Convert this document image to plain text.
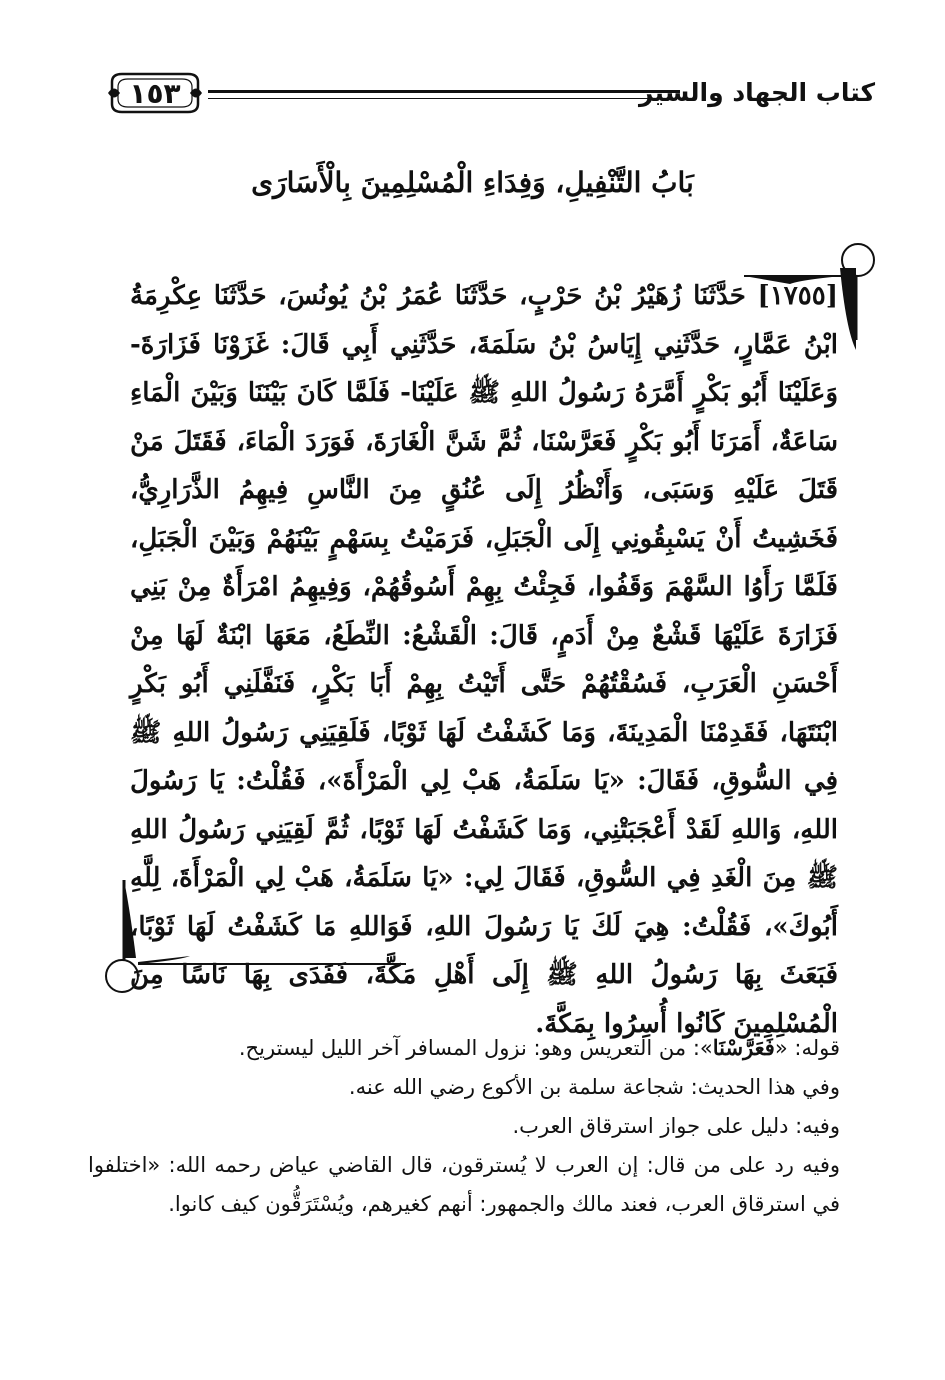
كتاب الجهاد والسير
١٥٣
بَابُ التَّنْفِيلِ، وَفِدَاءِ الْمُسْلِمِينَ بِالْأَسَارَى
[١٧٥٥] حَدَّثَنَا زُهَيْرُ بْنُ حَرْبٍ، حَدَّثَنَا عُمَرُ بْنُ يُونُسَ، حَدَّثَنَا عِكْرِمَةُ ابْنُ عَمَّارٍ، حَدَّثَنِي إِيَاسُ بْنُ سَلَمَةَ، حَدَّثَنِي أَبِي قَالَ: غَزَوْنَا فَزَارَةَ- وَعَلَيْنَا أَبُو بَكْرٍ أَمَّرَهُ رَسُولُ اللهِ ﷺ عَلَيْنَا- فَلَمَّا كَانَ بَيْنَنَا وَبَيْنَ الْمَاءِ سَاعَةٌ، أَمَرَنَا أَبُو بَكْرٍ فَعَرَّسْنَا، ثُمَّ شَنَّ الْغَارَةَ، فَوَرَدَ الْمَاءَ، فَقَتَلَ مَنْ قَتَلَ عَلَيْهِ وَسَبَى، وَأَنْظُرُ إِلَى عُنُقٍ مِنَ النَّاسِ فِيهِمُ الذَّرَارِيُّ، فَخَشِيتُ أَنْ يَسْبِقُونِي إِلَى الْجَبَلِ، فَرَمَيْتُ بِسَهْمٍ بَيْنَهُمْ وَبَيْنَ الْجَبَلِ، فَلَمَّا رَأَوُا السَّهْمَ وَقَفُوا، فَجِئْتُ بِهِمْ أَسُوقُهُمْ، وَفِيهِمُ امْرَأَةٌ مِنْ بَنِي فَزَارَةَ عَلَيْهَا قَشْعٌ مِنْ أَدَمٍ، قَالَ: الْقَشْعُ: النِّطَعُ، مَعَهَا ابْنَةٌ لَهَا مِنْ أَحْسَنِ الْعَرَبِ، فَسُقْتُهُمْ حَتَّى أَتَيْتُ بِهِمْ أَبَا بَكْرٍ، فَنَفَّلَنِي أَبُو بَكْرٍ ابْنَتَهَا، فَقَدِمْنَا الْمَدِينَةَ، وَمَا كَشَفْتُ لَهَا ثَوْبًا، فَلَقِيَنِي رَسُولُ اللهِ ﷺ فِي السُّوقِ، فَقَالَ: «يَا سَلَمَةُ، هَبْ لِي الْمَرْأَةَ»، فَقُلْتُ: يَا رَسُولَ اللهِ، وَاللهِ لَقَدْ أَعْجَبَتْنِي، وَمَا كَشَفْتُ لَهَا ثَوْبًا، ثُمَّ لَقِيَنِي رَسُولُ اللهِ ﷺ مِنَ الْغَدِ فِي السُّوقِ، فَقَالَ لِي: «يَا سَلَمَةُ، هَبْ لِي الْمَرْأَةَ، لِلَّهِ أَبُوكَ»، فَقُلْتُ: هِيَ لَكَ يَا رَسُولَ اللهِ، فَوَاللهِ مَا كَشَفْتُ لَهَا ثَوْبًا، فَبَعَثَ بِهَا رَسُولُ اللهِ ﷺ إِلَى أَهْلِ مَكَّةَ، فَفَدَى بِهَا نَاسًا مِنَ الْمُسْلِمِينَ كَانُوا أُسِرُوا بِمَكَّةَ.

قوله: «فَعَرَّسْنَا»: من التعريس وهو: نزول المسافر آخر الليل ليستريح.

وفي هذا الحديث: شجاعة سلمة بن الأكوع رضي الله عنه.

وفيه: دليل على جواز استرقاق العرب.

وفيه رد على من قال: إن العرب لا يُسترقون، قال القاضي عياض رحمه الله: «اختلفوا في استرقاق العرب، فعند مالك والجمهور: أنهم كغيرهم، ويُسْتَرَقُّون كيف كانوا.
